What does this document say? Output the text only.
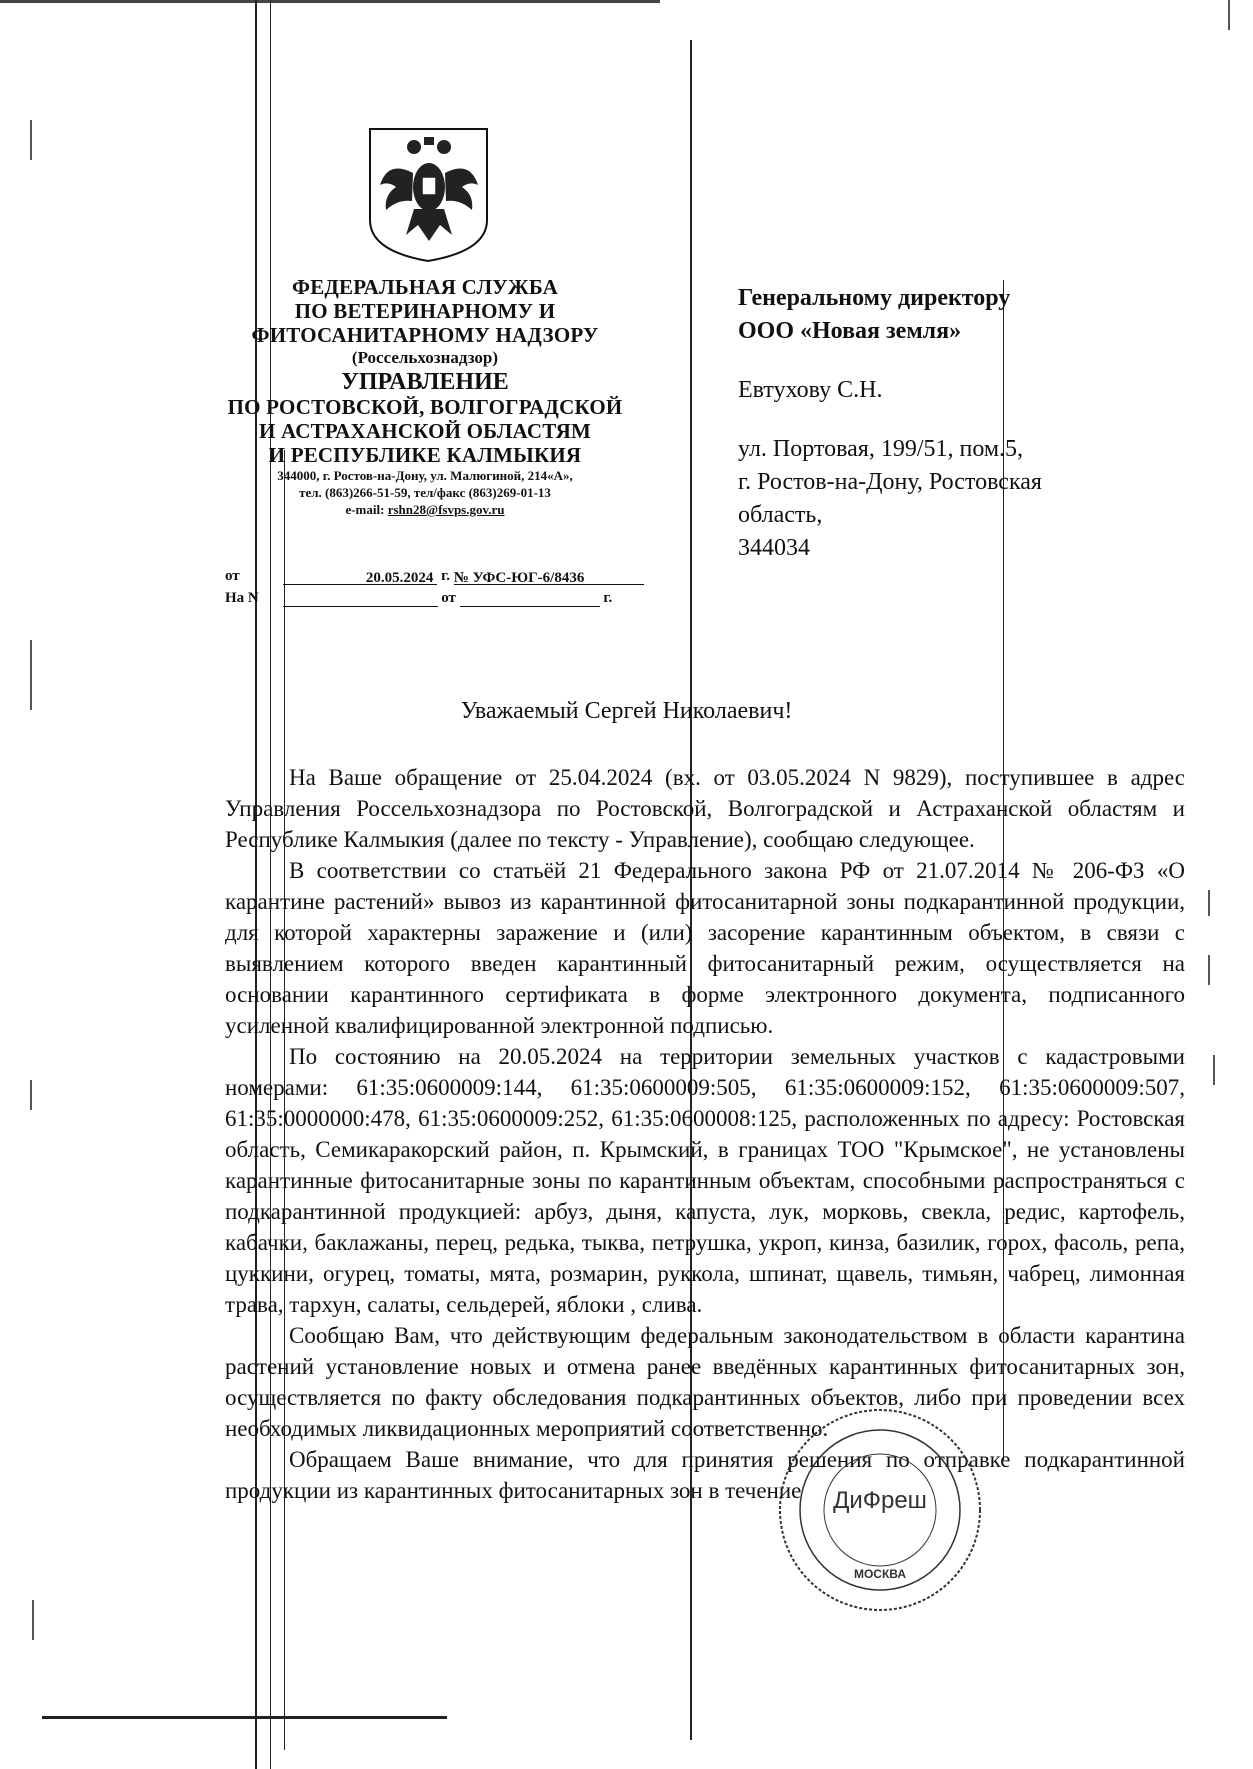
ФЕДЕРАЛЬНАЯ СЛУЖБА
ПО ВЕТЕРИНАРНОМУ И
ФИТОСАНИТАРНОМУ НАДЗОРУ
(Россельхознадзор)
УПРАВЛЕНИЕ
ПО РОСТОВСКОЙ, ВОЛГОГРАДСКОЙ
И АСТРАХАНСКОЙ ОБЛАСТЯМ
И РЕСПУБЛИКЕ КАЛМЫКИЯ
344000, г. Ростов-на-Дону, ул. Малюгиной, 214«А»,
тел. (863)266-51-59, тел/факс (863)269-01-13
e-mail: rshn28@fsvps.gov.ru
от	20.05.2024 г. № УФС-ЮГ-6/8436
На N	от	г.
Генеральному директору
ООО «Новая земля»
Евтухову С.Н.
ул. Портовая, 199/51, пом.5,
г. Ростов-на-Дону, Ростовская
область,
344034
Уважаемый Сергей Николаевич!

На Ваше обращение от 25.04.2024 (вх. от 03.05.2024 N 9829), поступившее в адрес Управления Россельхознадзора по Ростовской, Волгоградской и Астраханской областям и Республике Калмыкия (далее по тексту - Управление), сообщаю следующее.

В соответствии со статьёй 21 Федерального закона РФ от 21.07.2014 № 206-ФЗ «О карантине растений» вывоз из карантинной фитосанитарной зоны подкарантинной продукции, для которой характерны заражение и (или) засорение карантинным объектом, в связи с выявлением которого введен карантинный фитосанитарный режим, осуществляется на основании карантинного сертификата в форме электронного документа, подписанного усиленной квалифицированной электронной подписью.

По состоянию на 20.05.2024 на территории земельных участков с кадастровыми номерами: 61:35:0600009:144, 61:35:0600009:505, 61:35:0600009:152, 61:35:0600009:507, 61:35:0000000:478, 61:35:0600009:252, 61:35:0600008:125, расположенных по адресу: Ростовская область, Семикаракорский район, п. Крымский, в границах ТОО "Крымское", не установлены карантинные фитосанитарные зоны по карантинным объектам, способными распространяться с подкарантинной продукцией: арбуз, дыня, капуста, лук, морковь, свекла, редис, картофель, кабачки, баклажаны, перец, редька, тыква, петрушка, укроп, кинза, базилик, горох, фасоль, репа, цуккини, огурец, томаты, мята, розмарин, руккола, шпинат, щавель, тимьян, чабрец, лимонная трава, тархун, салаты, сельдерей, яблоки , слива.

Сообщаю Вам, что действующим федеральным законодательством в области карантина растений установление новых и отмена ранее введённых карантинных фитосанитарных зон, осуществляется по факту обследования подкарантинных объектов, либо при проведении всех необходимых ликвидационных мероприятий соответственно.

Обращаем Ваше внимание, что для принятия решения по отправке подкарантинной продукции из карантинных фитосанитарных зон в течение	ДиФреш
МОСКВА
